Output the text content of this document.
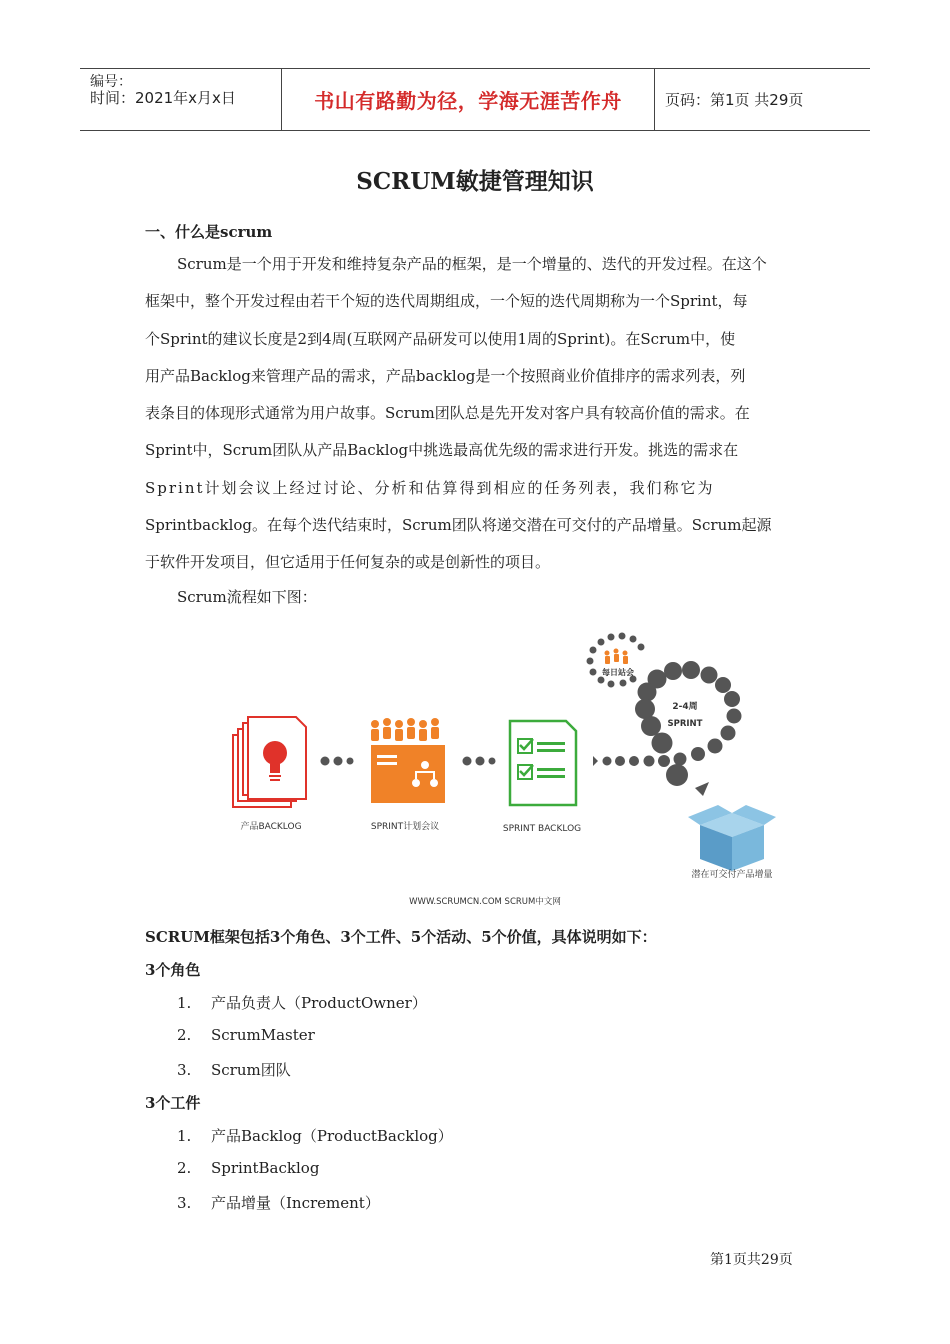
编号：
时间：2021年x月x日	书山有路勤为径，学海无涯苦作舟	页码：第1页 共29页
SCRUM敏捷管理知识
一、什么是scrum
Scrum是一个用于开发和维持复杂产品的框架，是一个增量的、迭代的开发过程。在这个
框架中，整个开发过程由若干个短的迭代周期组成，一个短的迭代周期称为一个Sprint，每
个Sprint的建议长度是2到4周(互联网产品研发可以使用1周的Sprint)。在Scrum中，使
用产品Backlog来管理产品的需求，产品backlog是一个按照商业价值排序的需求列表，列
表条目的体现形式通常为用户故事。Scrum团队总是先开发对客户具有较高价值的需求。在
Sprint中，Scrum团队从产品Backlog中挑选最高优先级的需求进行开发。挑选的需求在
Sprint计划会议上经过讨论、分析和估算得到相应的任务列表，我们称它为
Sprintbacklog。在每个迭代结束时，Scrum团队将递交潜在可交付的产品增量。Scrum起源
于软件开发项目，但它适用于任何复杂的或是创新性的项目。
Scrum流程如下图：
产品BACKLOG	SPRINT计划会议	SPRINT BACKLOG
每日站会
2-4周
SPRINT
潜在可交付产品增量
WWW.SCRUMCN.COM SCRUM中文网
SCRUM框架包括3个角色、3个工件、5个活动、5个价值，具体说明如下：
3个角色
1. 产品负责人（ProductOwner）
2. ScrumMaster
3. Scrum团队
3个工件
1. 产品Backlog（ProductBacklog）
2. SprintBacklog
3. 产品增量（Increment）
第1页共29页
